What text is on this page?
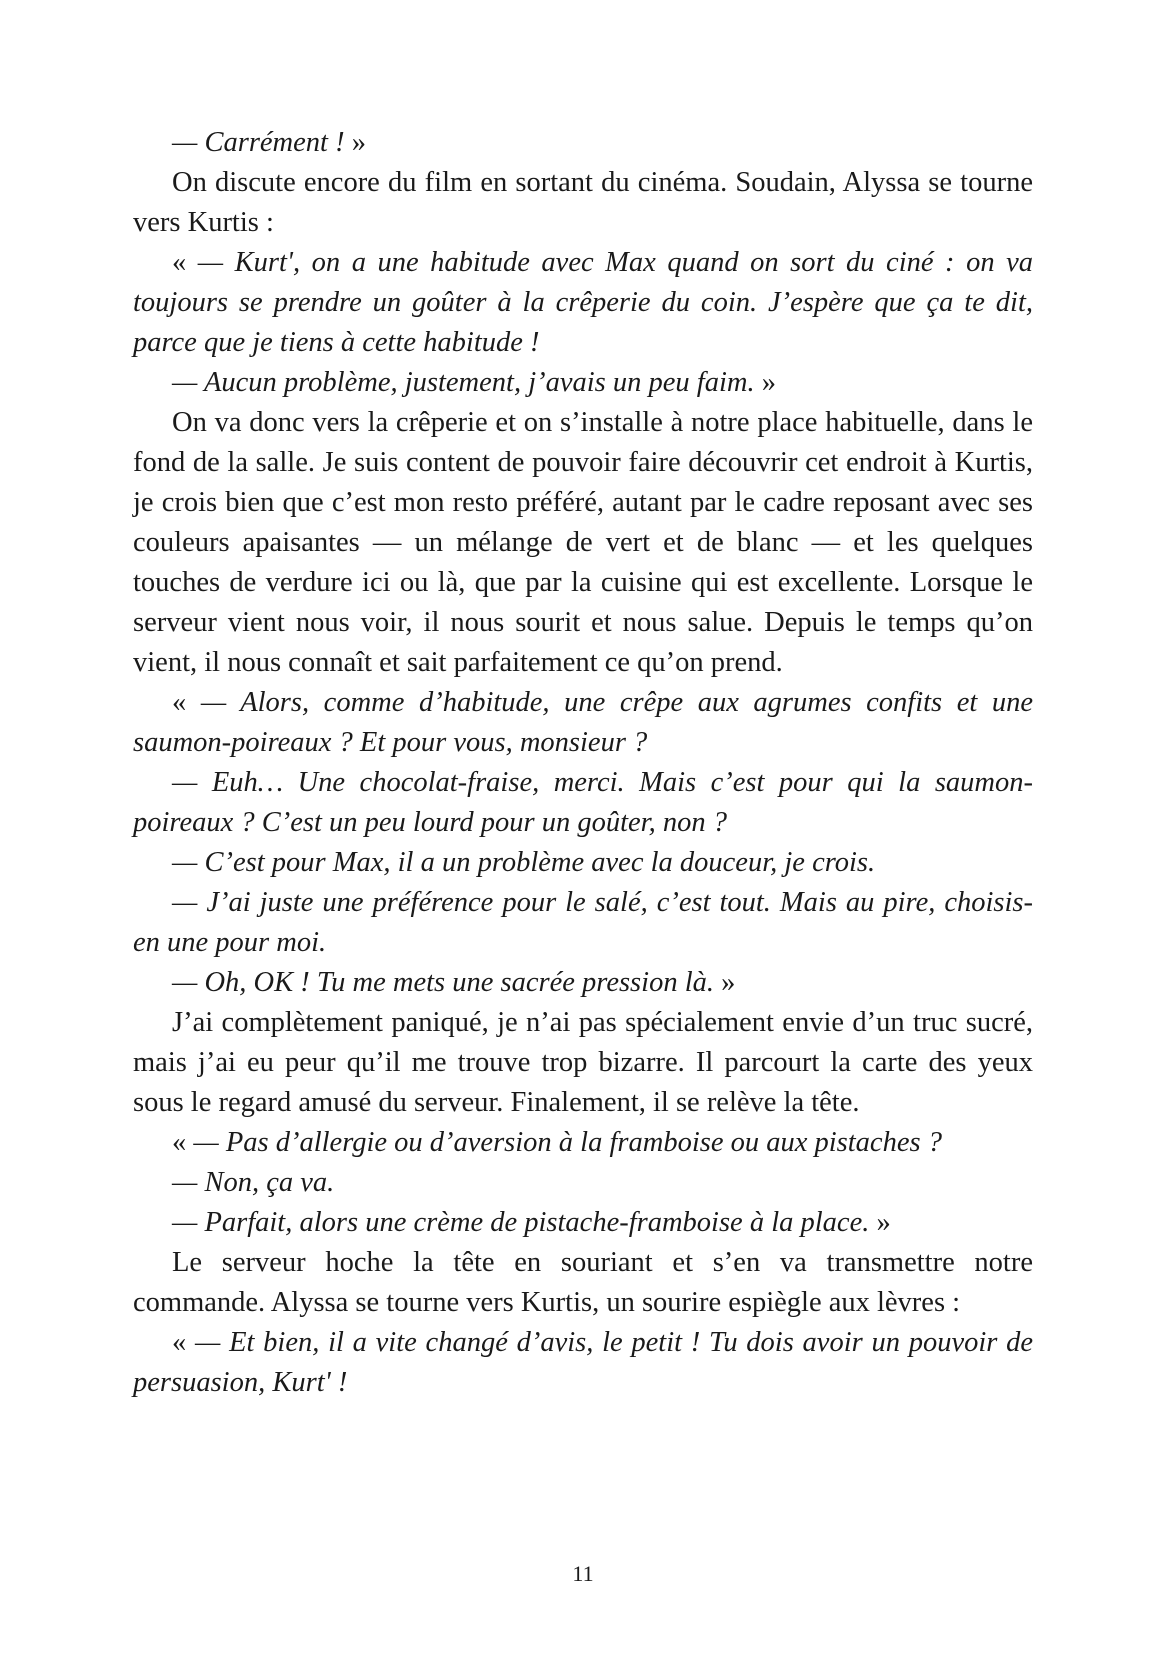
— Carrément ! »

On discute encore du film en sortant du cinéma. Soudain, Alyssa se tourne vers Kurtis :

« — Kurt', on a une habitude avec Max quand on sort du ciné : on va toujours se prendre un goûter à la crêperie du coin. J’espère que ça te dit, parce que je tiens à cette habitude !

— Aucun problème, justement, j’avais un peu faim. »

On va donc vers la crêperie et on s’installe à notre place habituelle, dans le fond de la salle. Je suis content de pouvoir faire découvrir cet endroit à Kurtis, je crois bien que c’est mon resto préféré, autant par le cadre reposant avec ses couleurs apaisantes — un mélange de vert et de blanc — et les quelques touches de verdure ici ou là, que par la cuisine qui est excellente. Lorsque le serveur vient nous voir, il nous sourit et nous salue. Depuis le temps qu’on vient, il nous connaît et sait parfaitement ce qu’on prend.

« — Alors, comme d’habitude, une crêpe aux agrumes confits et une saumon-poireaux ? Et pour vous, monsieur ?

— Euh… Une chocolat-fraise, merci. Mais c’est pour qui la saumon-poireaux ? C’est un peu lourd pour un goûter, non ?

— C’est pour Max, il a un problème avec la douceur, je crois.

— J’ai juste une préférence pour le salé, c’est tout. Mais au pire, choisis-en une pour moi.

— Oh, OK ! Tu me mets une sacrée pression là. »

J’ai complètement paniqué, je n’ai pas spécialement envie d’un truc sucré, mais j’ai eu peur qu’il me trouve trop bizarre. Il parcourt la carte des yeux sous le regard amusé du serveur. Finalement, il se relève la tête.

« — Pas d’allergie ou d’aversion à la framboise ou aux pistaches ?

— Non, ça va.

— Parfait, alors une crème de pistache-framboise à la place. »

Le serveur hoche la tête en souriant et s’en va transmettre notre commande. Alyssa se tourne vers Kurtis, un sourire espiègle aux lèvres :

« — Et bien, il a vite changé d’avis, le petit ! Tu dois avoir un pouvoir de persuasion, Kurt' !

11
